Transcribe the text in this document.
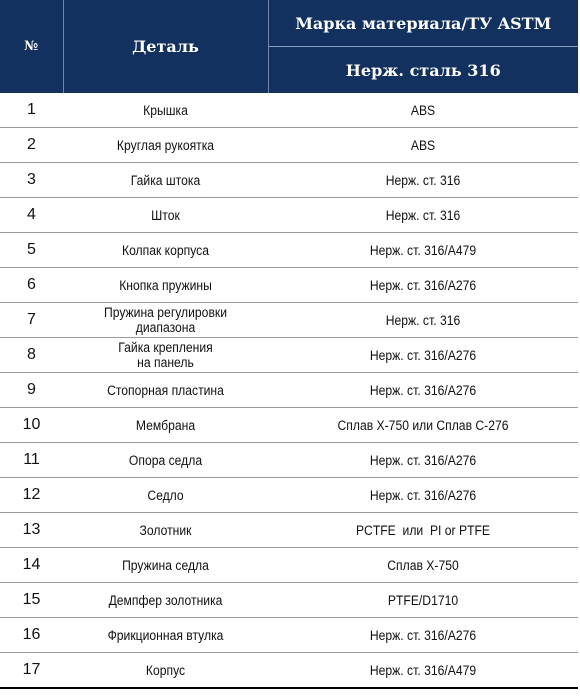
№	Деталь	Марка материала/ТУ ASTM
		Нерж. сталь 316
1	Крышка	ABS
2	Круглая рукоятка	ABS
3	Гайка штока	Нерж. ст. 316
4	Шток	Нерж. ст. 316
5	Колпак корпуса	Нерж. ст. 316/A479
6	Кнопка пружины	Нерж. ст. 316/A276
7	Пружина регулировки
диапазона	Нерж. ст. 316
8	Гайка крепления
на панель	Нерж. ст. 316/A276
9	Стопорная пластина	Нерж. ст. 316/A276
10	Мембрана	Сплав X-750 или Сплав C-276
11	Опора седла	Нерж. ст. 316/A276
12	Седло	Нерж. ст. 316/A276
13	Золотник	PCTFE  или  PI or PTFE
14	Пружина седла	Сплав X-750
15	Демпфер золотника	PTFE/D1710
16	Фрикционная втулка	Нерж. ст. 316/A276
17	Корпус	Нерж. ст. 316/A479
